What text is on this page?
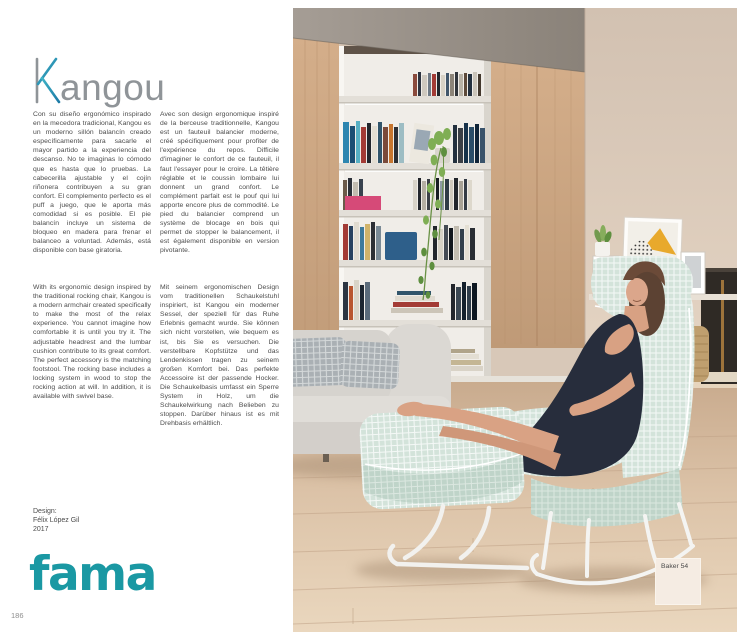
angou
Con su diseño ergonómico inspirado en la mecedora tradicional, Kangou es un moderno sillón balancín creado específicamente para sacarle el mayor partido a la experiencia del descanso. No te imaginas lo cómodo que es hasta que lo pruebas. La cabecerilla ajustable y el cojín riñonera contribuyen a su gran confort. El complemento perfecto es el puff a juego, que le aporta más comodidad si es posible. El pie balancín incluye un sistema de bloqueo en madera para frenar el balanceo a voluntad. Además, está disponible con base giratoria.
Avec son design ergonomique inspiré de la berceuse traditionnelle, Kangou est un fauteuil balancier moderne, créé spécifiquement pour profiter de l'expérience du repos. Difficile d'imaginer le confort de ce fauteuil, il faut l'essayer pour le croire. La têtière réglable et le coussin lombaire lui donnent un grand confort. Le complément parfait est le pouf qui lui apporte encore plus de commodité. Le pied du balancier comprend un système de blocage en bois qui permet de stopper le balancement, il est également disponible en version pivotante.
With its ergonomic design inspired by the traditional rocking chair, Kangou is a modern armchair created specifically to make the most of the relax experience. You cannot imagine how comfortable it is until you try it. The adjustable headrest and the lumbar cushion contribute to its great comfort. The perfect accessory is the matching footstool. The rocking base includes a locking system in wood to stop the rocking action at will. In addition, it is available with swivel base.
Mit seinem ergonomischen Design vom traditionellen Schaukelstuhl inspiriert, ist Kangou ein moderner Sessel, der speziell für das Ruhe Erlebnis gemacht wurde. Sie können sich nicht vorstellen, wie bequem es ist, bis Sie es versuchen. Die verstellbare Kopfstütze und das Lendenkissen tragen zu seinem großen Komfort bei. Das perfekte Accessoire ist der passende Hocker. Die Schaukelbasis umfasst ein Sperre System in Holz, um die Schaukelwirkung nach Belieben zu stoppen. Darüber hinaus ist es mit Drehbasis erhältlich.
Design:
Félix López Gil
2017
fama
186
Baker 54
